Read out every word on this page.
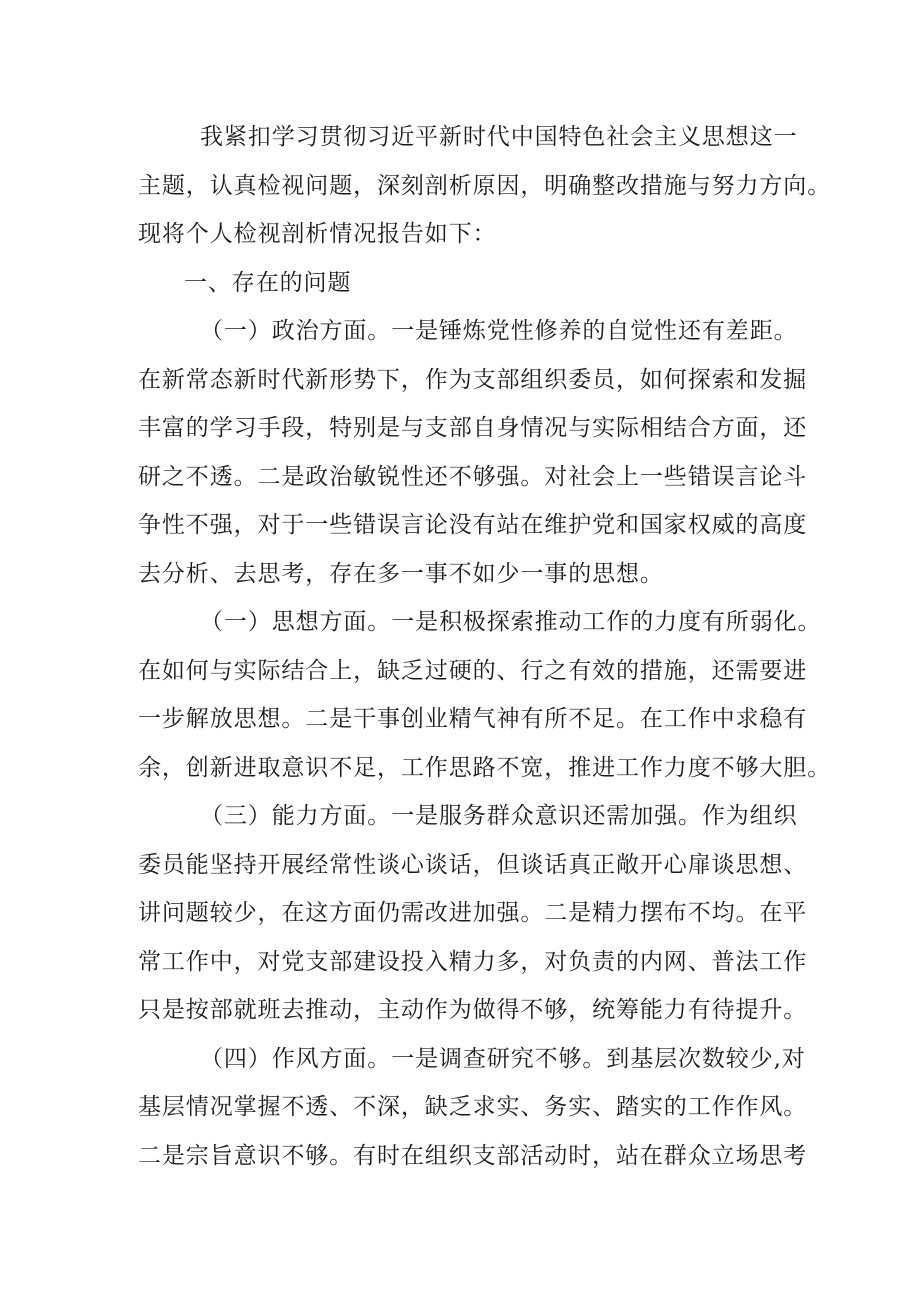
我紧扣学习贯彻习近平新时代中国特色社会主义思想这一
主题，认真检视问题，深刻剖析原因，明确整改措施与努力方向。
现将个人检视剖析情况报告如下：
一、存在的问题
（一）政治方面。一是锤炼党性修养的自觉性还有差距。
在新常态新时代新形势下，作为支部组织委员，如何探索和发掘
丰富的学习手段，特别是与支部自身情况与实际相结合方面，还
研之不透。二是政治敏锐性还不够强。对社会上一些错误言论斗
争性不强，对于一些错误言论没有站在维护党和国家权威的高度
去分析、去思考，存在多一事不如少一事的思想。
（一）思想方面。一是积极探索推动工作的力度有所弱化。
在如何与实际结合上，缺乏过硬的、行之有效的措施，还需要进
一步解放思想。二是干事创业精气神有所不足。在工作中求稳有
余，创新进取意识不足，工作思路不宽，推进工作力度不够大胆。
（三）能力方面。一是服务群众意识还需加强。作为组织
委员能坚持开展经常性谈心谈话，但谈话真正敞开心扉谈思想、
讲问题较少，在这方面仍需改进加强。二是精力摆布不均。在平
常工作中，对党支部建设投入精力多，对负责的内网、普法工作
只是按部就班去推动，主动作为做得不够，统筹能力有待提升。
（四）作风方面。一是调查研究不够。到基层次数较少,对
基层情况掌握不透、不深，缺乏求实、务实、踏实的工作作风。
二是宗旨意识不够。有时在组织支部活动时，站在群众立场思考
